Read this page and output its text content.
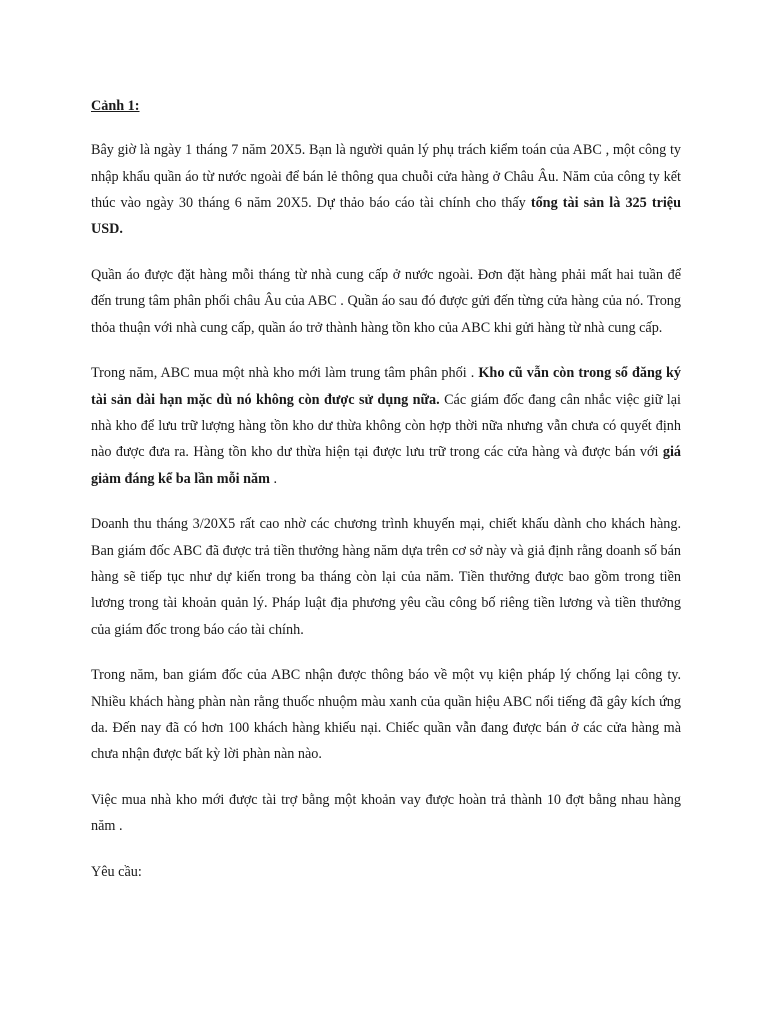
Cảnh 1:

Bây giờ là ngày 1 tháng 7 năm 20X5. Bạn là người quản lý phụ trách kiểm toán của ABC , một công ty nhập khẩu quần áo từ nước ngoài để bán lẻ thông qua chuỗi cửa hàng ở Châu Âu. Năm của công ty kết thúc vào ngày 30 tháng 6 năm 20X5. Dự thảo báo cáo tài chính cho thấy tổng tài sản là 325 triệu USD.

Quần áo được đặt hàng mỗi tháng từ nhà cung cấp ở nước ngoài. Đơn đặt hàng phải mất hai tuần để đến trung tâm phân phối châu Âu của ABC . Quần áo sau đó được gửi đến từng cửa hàng của nó. Trong thỏa thuận với nhà cung cấp, quần áo trở thành hàng tồn kho của ABC khi gửi hàng từ nhà cung cấp.

Trong năm, ABC mua một nhà kho mới làm trung tâm phân phối . Kho cũ vẫn còn trong sổ đăng ký tài sản dài hạn mặc dù nó không còn được sử dụng nữa. Các giám đốc đang cân nhắc việc giữ lại nhà kho để lưu trữ lượng hàng tồn kho dư thừa không còn hợp thời nữa nhưng vẫn chưa có quyết định nào được đưa ra. Hàng tồn kho dư thừa hiện tại được lưu trữ trong các cửa hàng và được bán với giá giảm đáng kể ba lần mỗi năm .

Doanh thu tháng 3/20X5 rất cao nhờ các chương trình khuyến mại, chiết khấu dành cho khách hàng. Ban giám đốc ABC đã được trả tiền thưởng hàng năm dựa trên cơ sở này và giả định rằng doanh số bán hàng sẽ tiếp tục như dự kiến trong ba tháng còn lại của năm. Tiền thưởng được bao gồm trong tiền lương trong tài khoản quản lý. Pháp luật địa phương yêu cầu công bố riêng tiền lương và tiền thưởng của giám đốc trong báo cáo tài chính.

Trong năm, ban giám đốc của ABC nhận được thông báo về một vụ kiện pháp lý chống lại công ty. Nhiều khách hàng phàn nàn rằng thuốc nhuộm màu xanh của quần hiệu ABC nổi tiếng đã gây kích ứng da. Đến nay đã có hơn 100 khách hàng khiếu nại. Chiếc quần vẫn đang được bán ở các cửa hàng mà chưa nhận được bất kỳ lời phàn nàn nào.

Việc mua nhà kho mới được tài trợ bằng một khoản vay được hoàn trả thành 10 đợt bằng nhau hàng năm .

Yêu cầu:
